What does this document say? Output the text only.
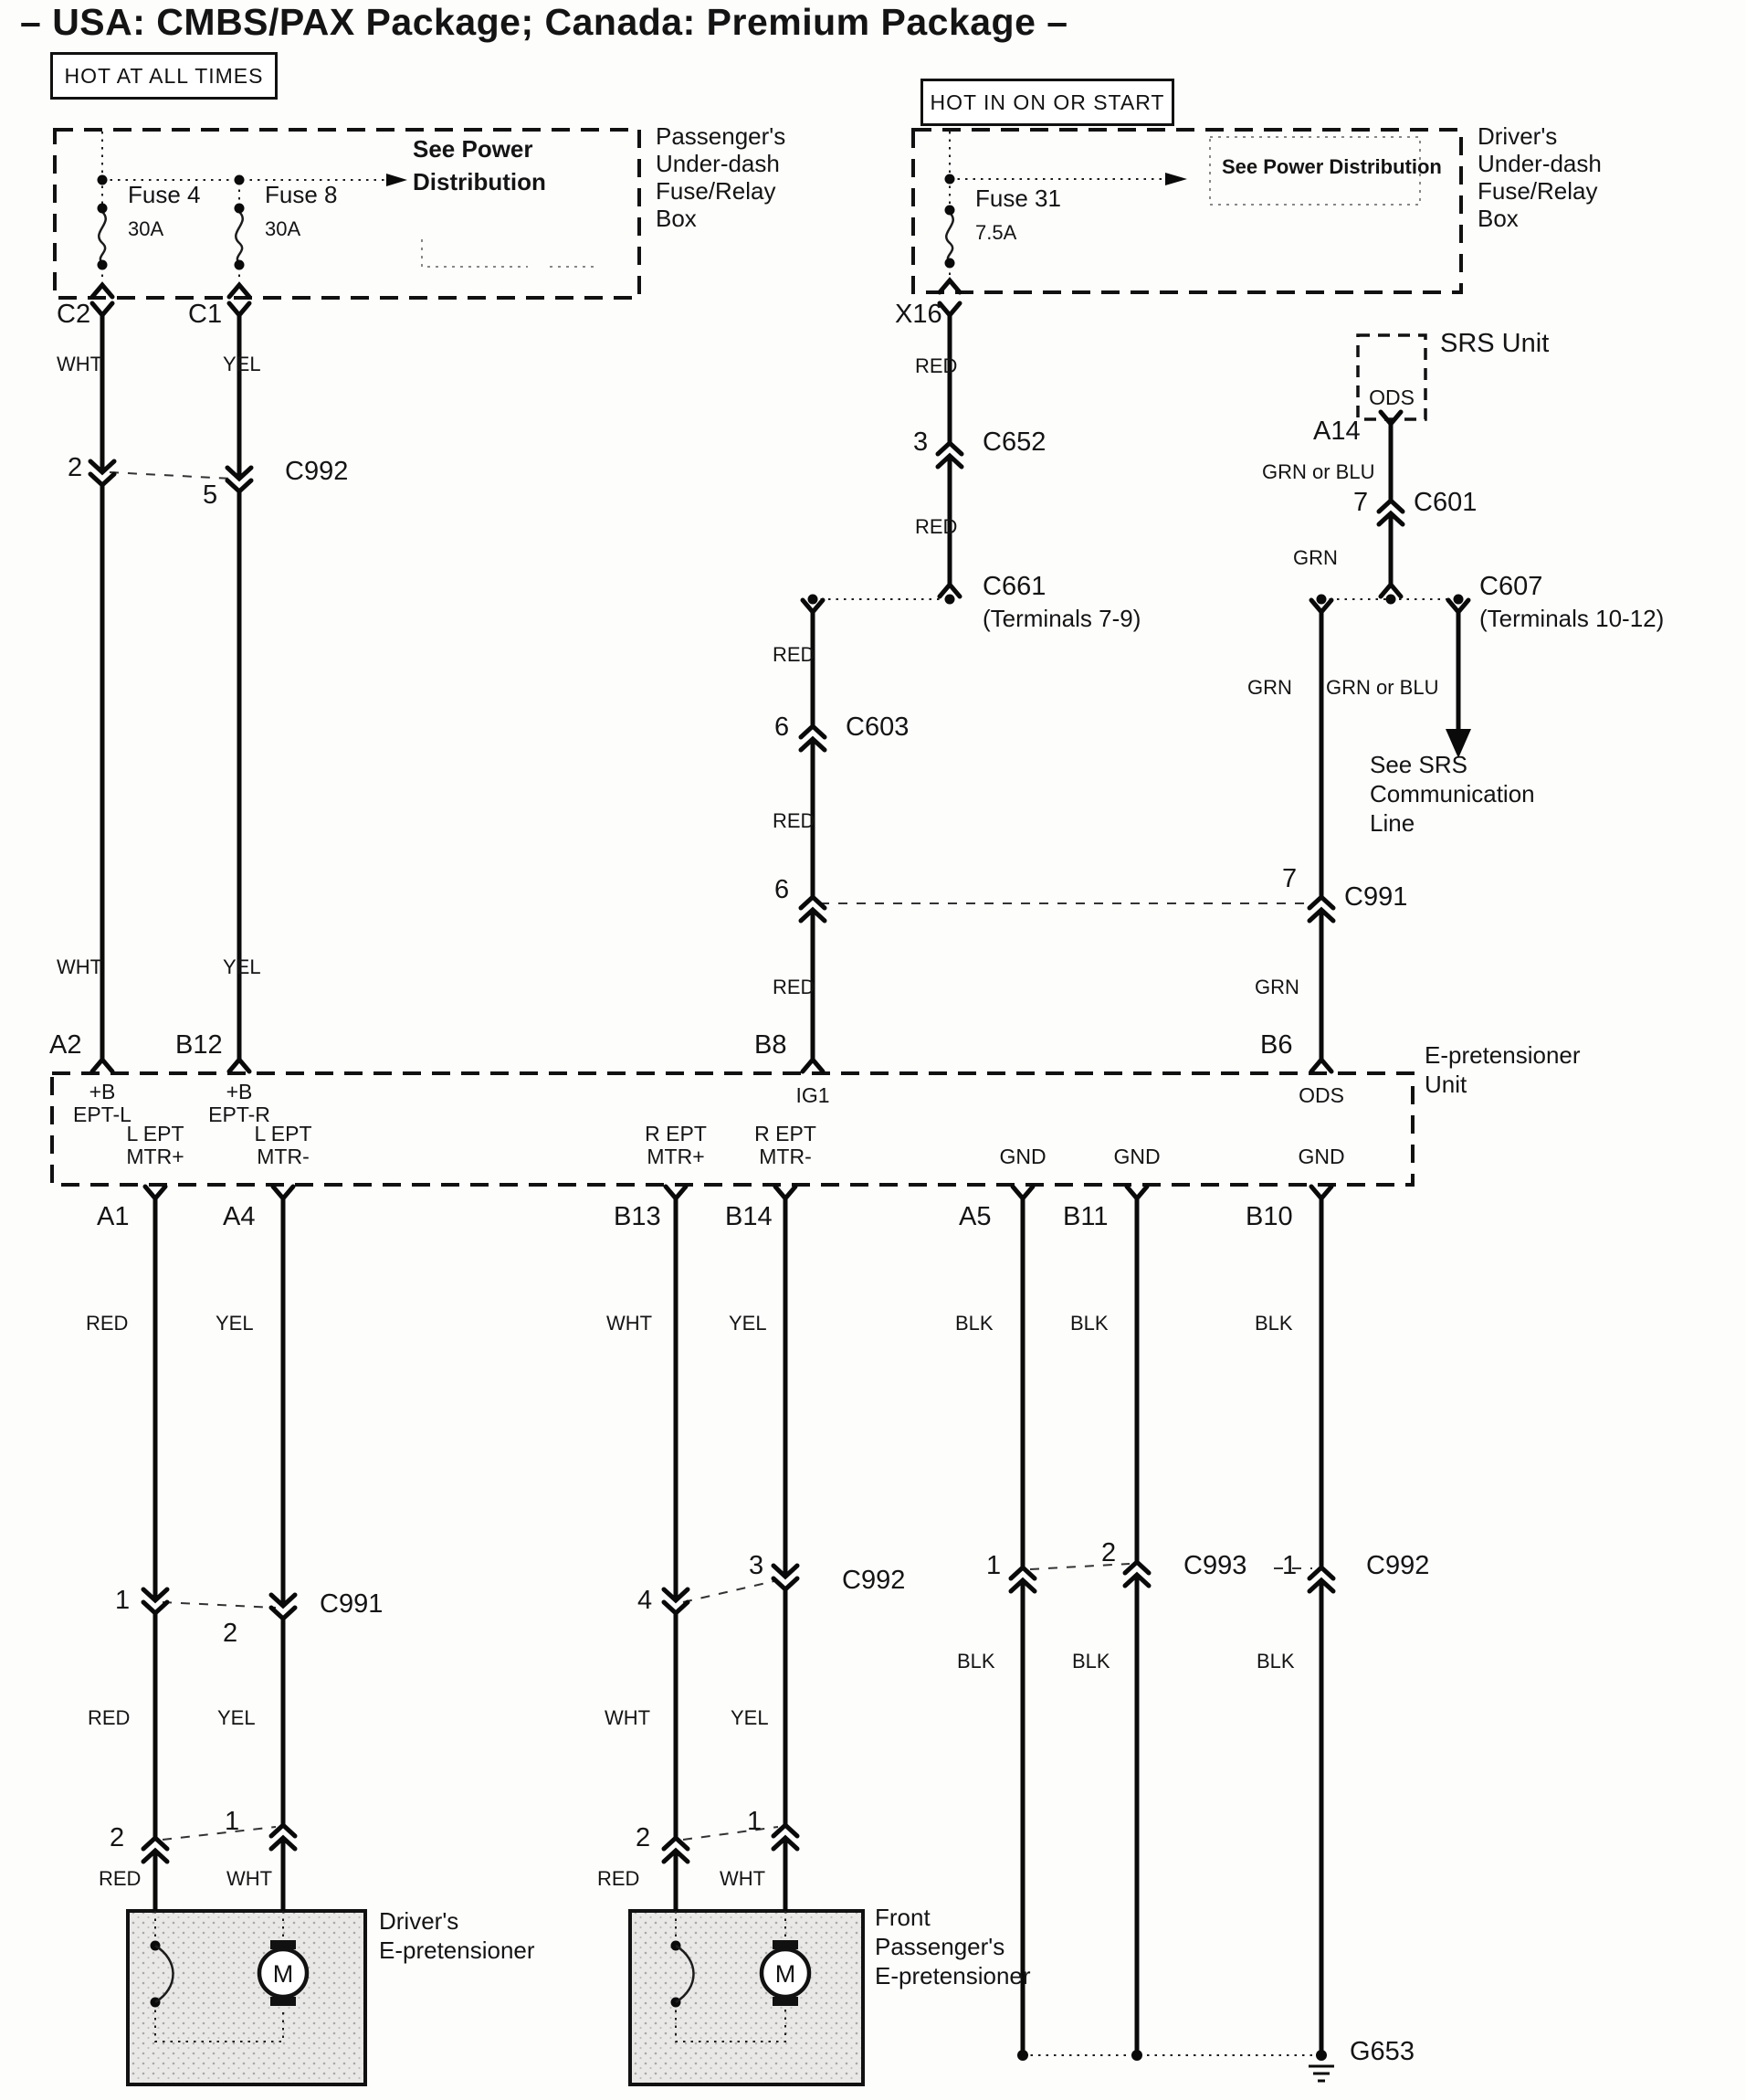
– USA: CMBS/PAX Package; Canada: Premium Package –
HOT AT ALL TIMES
HOT IN ON OR START
Fuse 4
30A
Fuse 8
30A
See Power
Distribution
Passenger's
Under-dash
Fuse/Relay
Box
Fuse 31
7.5A
See Power Distribution
Driver's
Under-dash
Fuse/Relay
Box
C2	C1	X16
WHT	YEL
2
5
C992
WHT	YEL
RED
3 C652
RED
C661
(Terminals 7-9)
RED
6 C603
RED
6
RED
SRS Unit
ODS
A14
GRN or BLU
7 C601
GRN
C607
(Terminals 10-12)
GRN GRN or BLU
See SRS
Communication
Line
7
C991
GRN
A2	B12	B8	B6	E-pretensioner
Unit
+B
EPT-L
+B
EPT-R
IG1	ODS
L EPT
MTR+
L EPT
MTR-
R EPT
MTR+
R EPT
MTR-	GND	GND	GND
A1	A4	B13 B14	A5	B11	B10
RED	YEL	WHT	YEL	BLK	BLK	BLK
1
2
C991	4
3	C992	1	2	C993 1	C992
RED	YEL	WHT	YEL
BLK	BLK	BLK
2
1
2
1
RED	WHT	RED	WHT
Driver's
E-pretensioner
M
Front
Passenger's
E-pretensioner
M
G653
